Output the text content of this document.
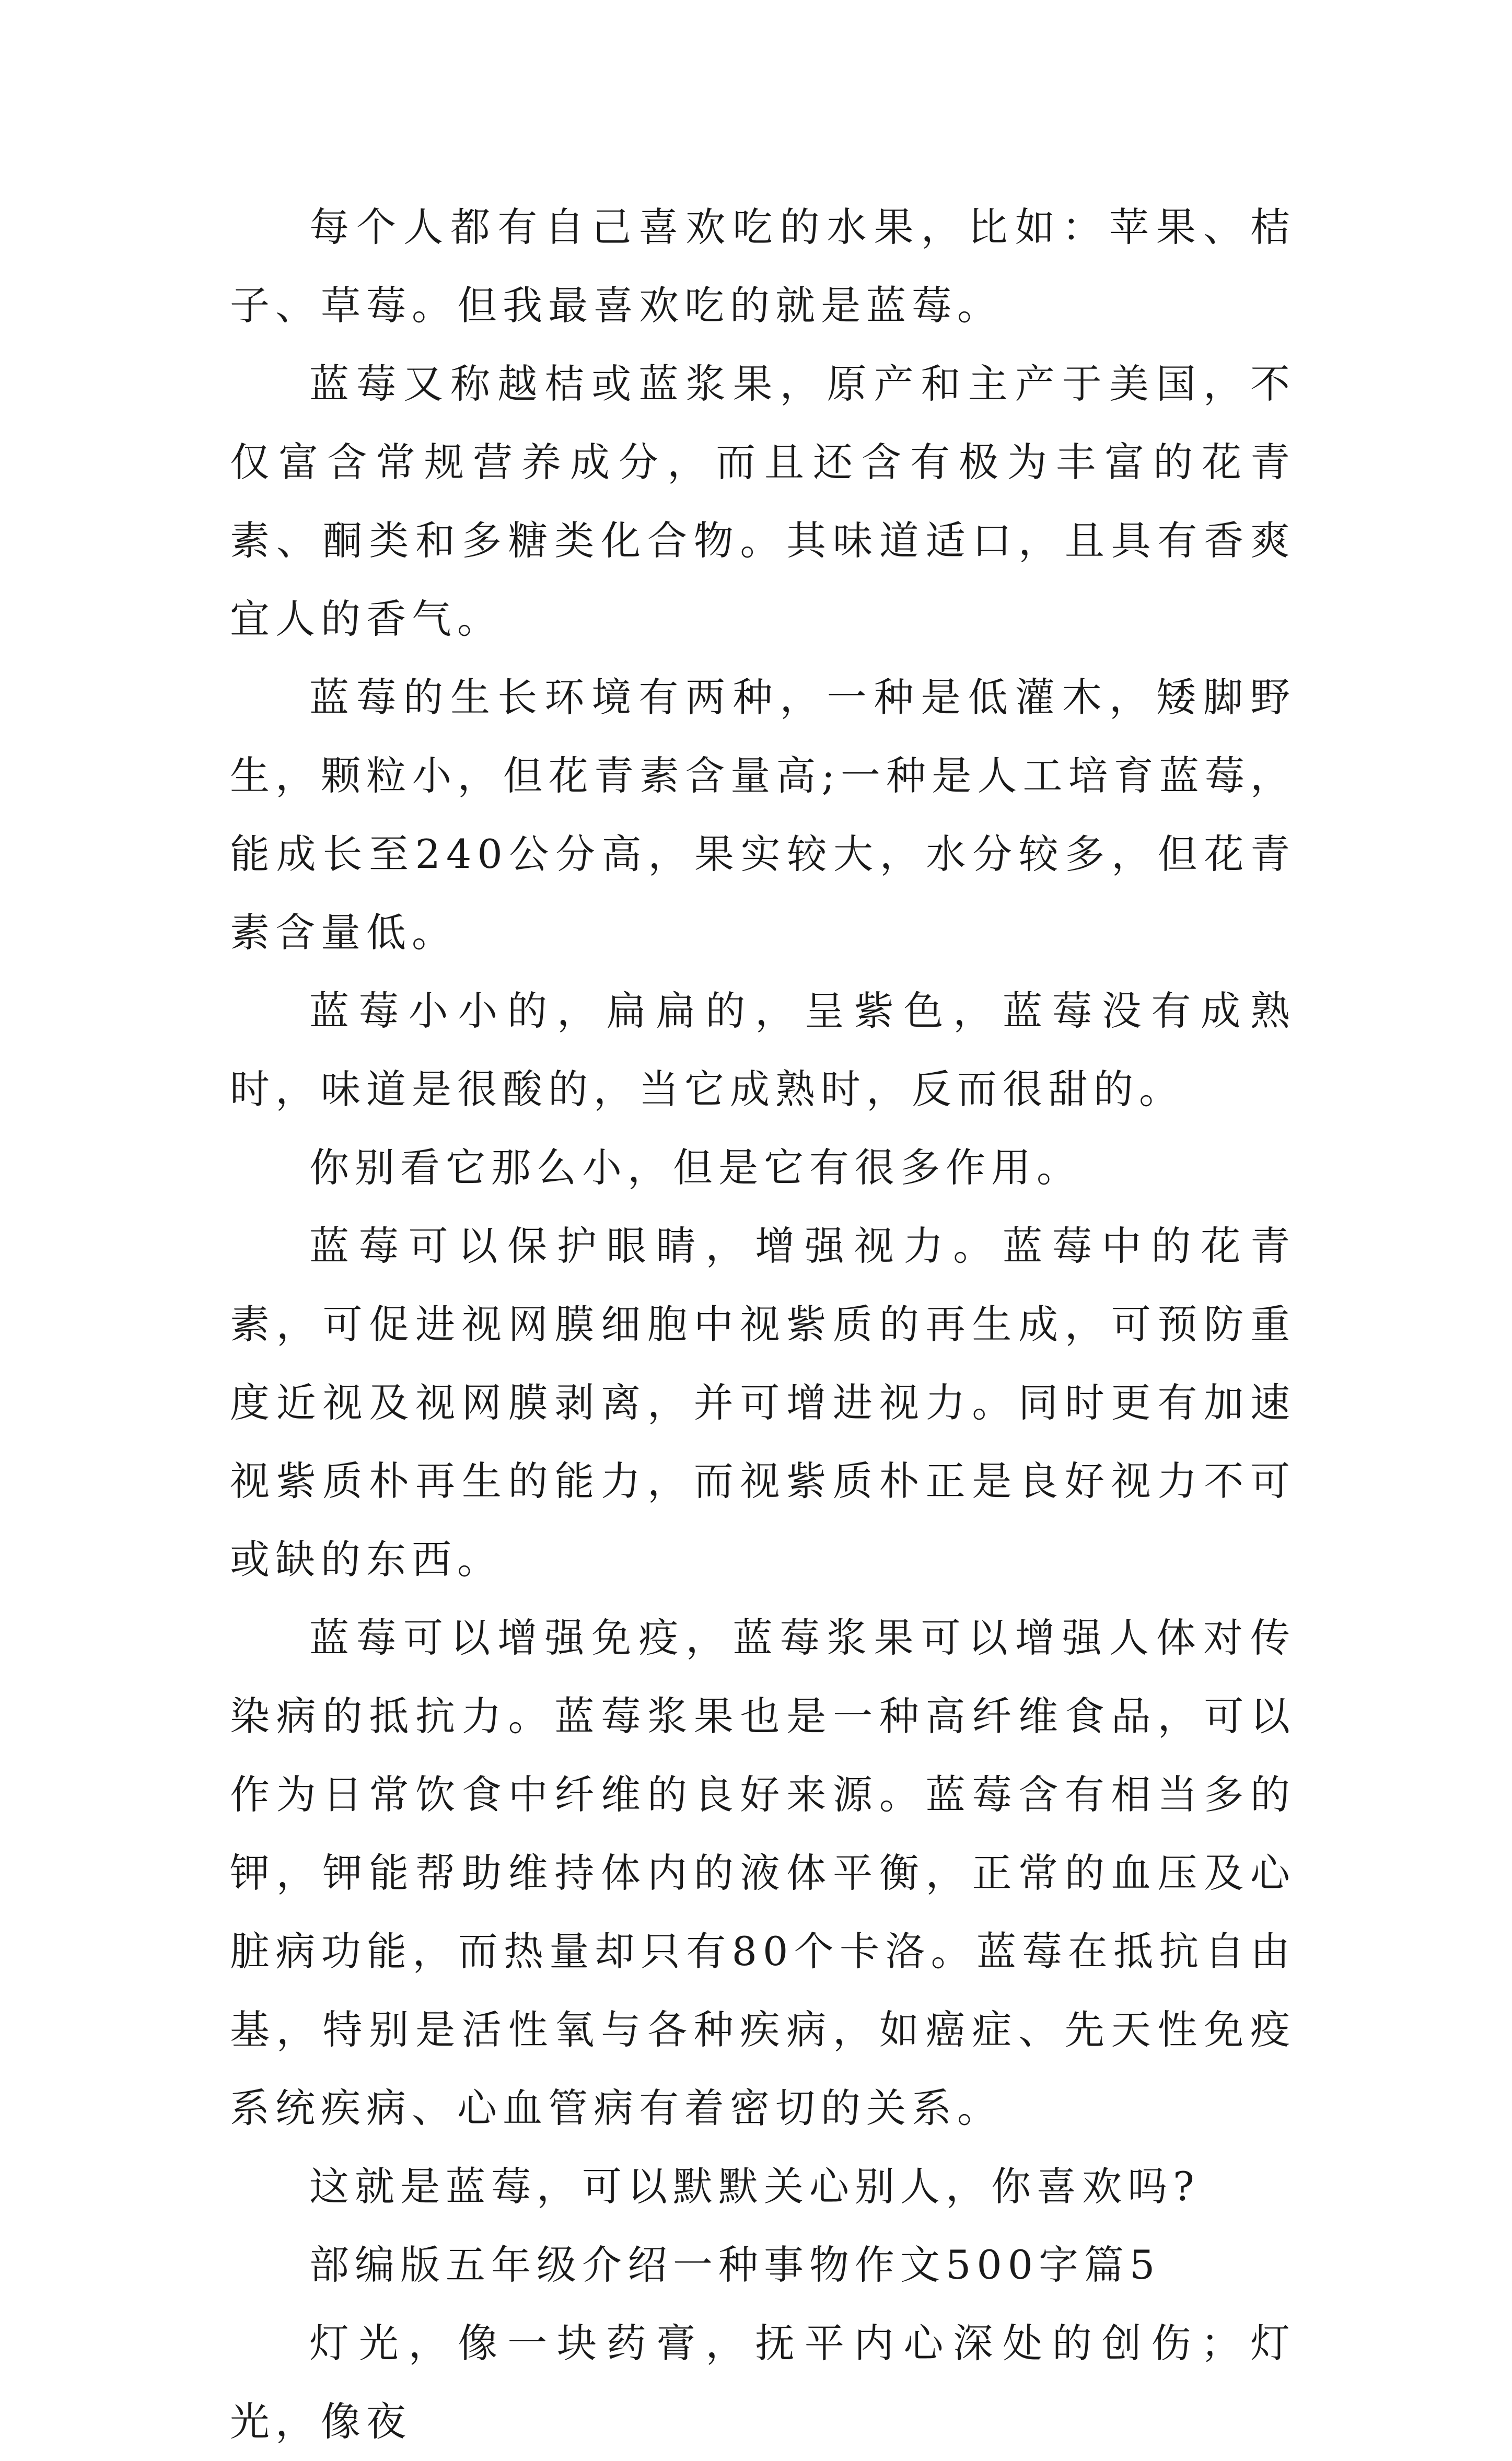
每个人都有自己喜欢吃的水果，比如：苹果、桔子、草莓。但我最喜欢吃的就是蓝莓。

蓝莓又称越桔或蓝浆果，原产和主产于美国，不仅富含常规营养成分，而且还含有极为丰富的花青素、酮类和多糖类化合物。其味道适口，且具有香爽宜人的香气。

蓝莓的生长环境有两种，一种是低灌木，矮脚野生，颗粒小，但花青素含量高;一种是人工培育蓝莓，能成长至240公分高，果实较大，水分较多，但花青素含量低。

蓝莓小小的，扁扁的，呈紫色，蓝莓没有成熟时，味道是很酸的，当它成熟时，反而很甜的。

你别看它那么小，但是它有很多作用。

蓝莓可以保护眼睛，增强视力。蓝莓中的花青素，可促进视网膜细胞中视紫质的再生成，可预防重度近视及视网膜剥离，并可增进视力。同时更有加速视紫质朴再生的能力，而视紫质朴正是良好视力不可或缺的东西。

蓝莓可以增强免疫，蓝莓浆果可以增强人体对传染病的抵抗力。蓝莓浆果也是一种高纤维食品，可以作为日常饮食中纤维的良好来源。蓝莓含有相当多的钾，钾能帮助维持体内的液体平衡，正常的血压及心脏病功能，而热量却只有80个卡洛。蓝莓在抵抗自由基，特别是活性氧与各种疾病，如癌症、先天性免疫系统疾病、心血管病有着密切的关系。

这就是蓝莓，可以默默关心别人，你喜欢吗?

部编版五年级介绍一种事物作文500字篇5

灯光，像一块药膏，抚平内心深处的创伤；灯光，像夜
